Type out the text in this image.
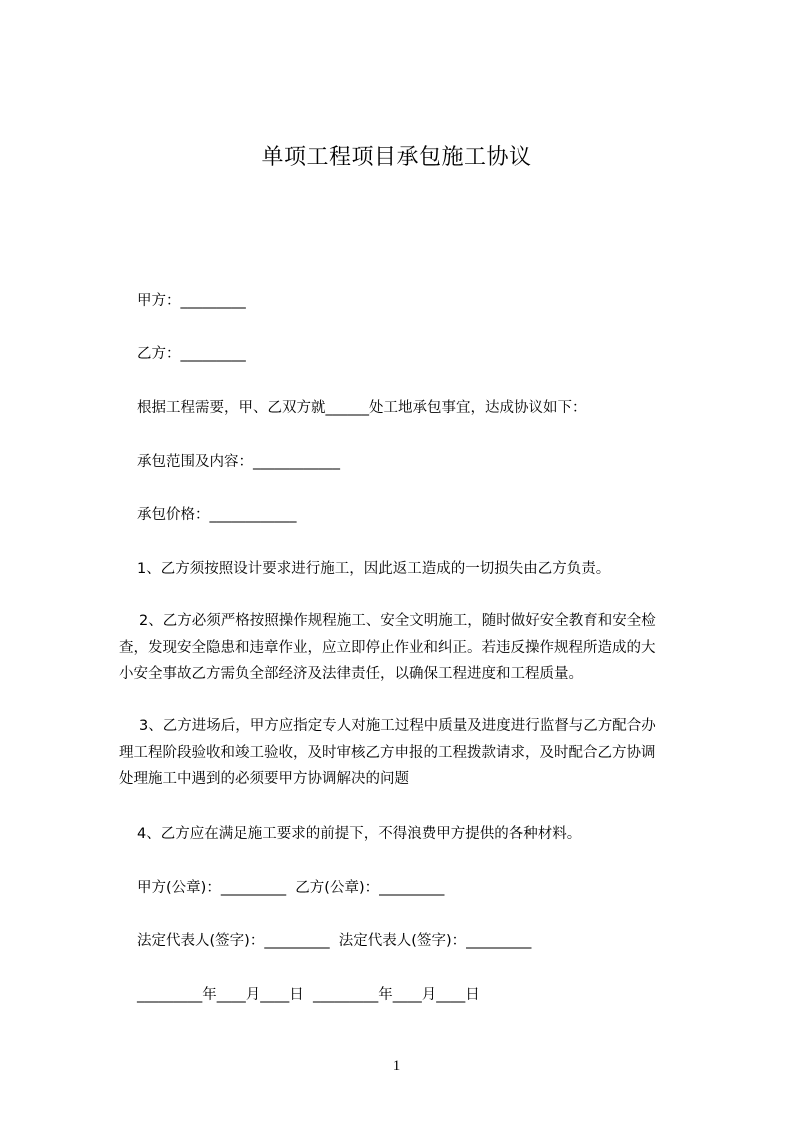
单项工程项目承包施工协议
甲方：_________
乙方：_________
根据工程需要，甲、乙双方就______处工地承包事宜，达成协议如下：
承包范围及内容：____________
承包价格：____________
1、乙方须按照设计要求进行施工，因此返工造成的一切损失由乙方负责。
2、乙方必须严格按照操作规程施工、安全文明施工，随时做好安全教育和安全检
查，发现安全隐患和违章作业，应立即停止作业和纠正。若违反操作规程所造成的大
小安全事故乙方需负全部经济及法律责任，以确保工程进度和工程质量。
3、乙方进场后，甲方应指定专人对施工过程中质量及进度进行监督与乙方配合办
理工程阶段验收和竣工验收，及时审核乙方申报的工程拨款请求，及时配合乙方协调
处理施工中遇到的必须要甲方协调解决的问题
4、乙方应在满足施工要求的前提下，不得浪费甲方提供的各种材料。
甲方(公章)：_________  乙方(公章)：_________
法定代表人(签字)：_________  法定代表人(签字)：_________
_________年____月____日  _________年____月____日
1
